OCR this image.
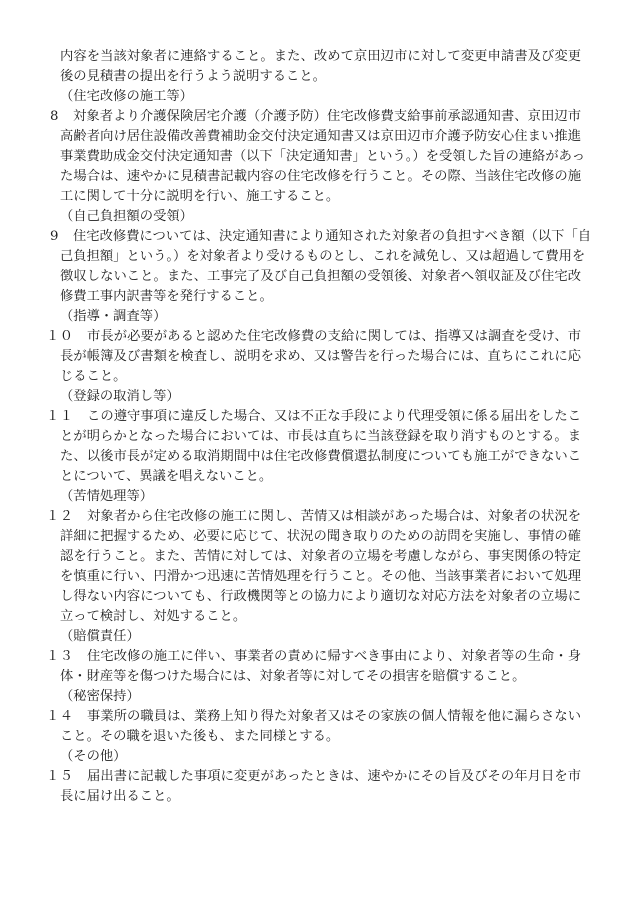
内容を当該対象者に連絡すること。また、改めて京田辺市に対して変更申請書及び変更
後の見積書の提出を行うよう説明すること。
（住宅改修の施工等）
8 対象者より介護保険居宅介護（介護予防）住宅改修費支給事前承認通知書、京田辺市
高齢者向け居住設備改善費補助金交付決定通知書又は京田辺市介護予防安心住まい推進
事業費助成金交付決定通知書（以下「決定通知書」という。）を受領した旨の連絡があっ
た場合は、速やかに見積書記載内容の住宅改修を行うこと。その際、当該住宅改修の施
工に関して十分に説明を行い、施工すること。
（自己負担額の受領）
9 住宅改修費については、決定通知書により通知された対象者の負担すべき額（以下「自
己負担額」という。）を対象者より受けるものとし、これを減免し、又は超過して費用を
徴収しないこと。また、工事完了及び自己負担額の受領後、対象者へ領収証及び住宅改
修費工事内訳書等を発行すること。
（指導・調査等）
１０ 市長が必要があると認めた住宅改修費の支給に関しては、指導又は調査を受け、市
長が帳簿及び書類を検査し、説明を求め、又は警告を行った場合には、直ちにこれに応
じること。
（登録の取消し等）
１１ この遵守事項に違反した場合、又は不正な手段により代理受領に係る届出をしたこ
とが明らかとなった場合においては、市長は直ちに当該登録を取り消すものとする。ま
た、以後市長が定める取消期間中は住宅改修費償還払制度についても施工ができないこ
とについて、異議を唱えないこと。
（苦情処理等）
１２ 対象者から住宅改修の施工に関し、苦情又は相談があった場合は、対象者の状況を
詳細に把握するため、必要に応じて、状況の聞き取りのための訪問を実施し、事情の確
認を行うこと。また、苦情に対しては、対象者の立場を考慮しながら、事実関係の特定
を慎重に行い、円滑かつ迅速に苦情処理を行うこと。その他、当該事業者において処理
し得ない内容についても、行政機関等との協力により適切な対応方法を対象者の立場に
立って検討し、対処すること。
（賠償責任）
１３ 住宅改修の施工に伴い、事業者の責めに帰すべき事由により、対象者等の生命・身
体・財産等を傷つけた場合には、対象者等に対してその損害を賠償すること。
（秘密保持）
１４ 事業所の職員は、業務上知り得た対象者又はその家族の個人情報を他に漏らさない
こと。その職を退いた後も、また同様とする。
（その他）
１５ 届出書に記載した事項に変更があったときは、速やかにその旨及びその年月日を市
長に届け出ること。
